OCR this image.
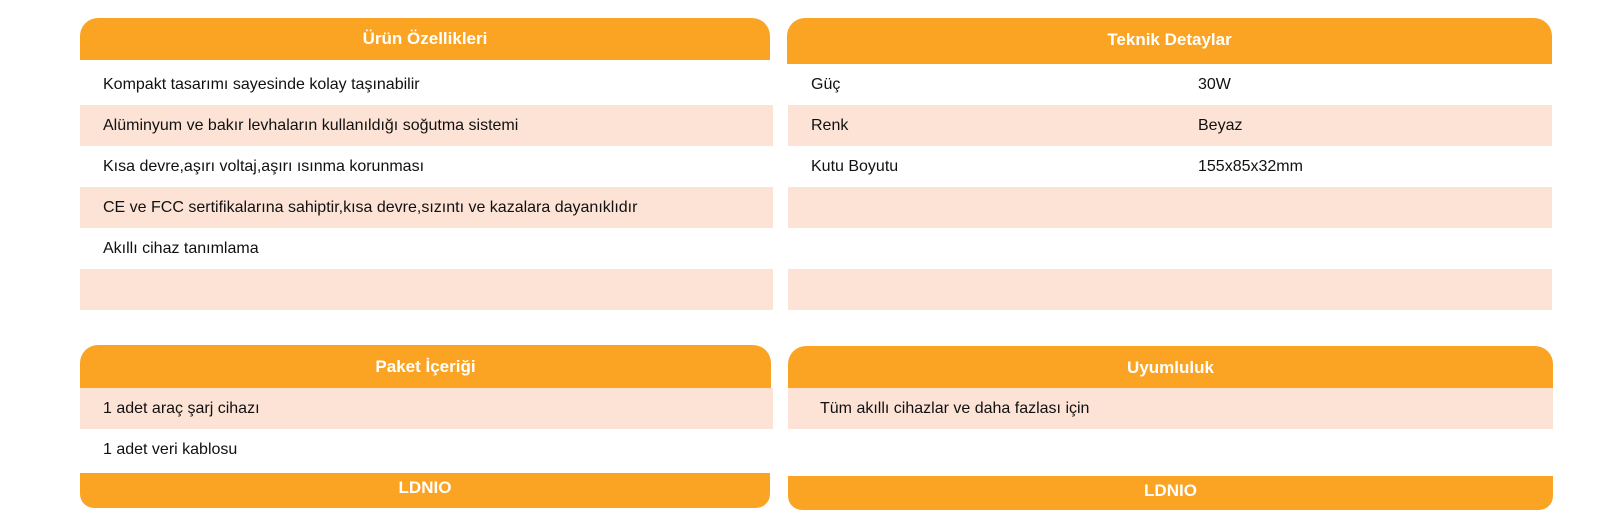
Ürün Özellikleri
Kompakt tasarımı sayesinde kolay taşınabilir
Alüminyum ve bakır levhaların kullanıldığı soğutma sistemi
Kısa devre,aşırı voltaj,aşırı ısınma korunması
CE ve FCC sertifikalarına sahiptir,kısa devre,sızıntı ve kazalara dayanıklıdır
Akıllı cihaz tanımlama
Teknik Detaylar
Güç	30W
Renk	Beyaz
Kutu Boyutu	155x85x32mm
Paket İçeriği
1 adet araç şarj cihazı
1 adet veri kablosu
LDNIO
Uyumluluk
Tüm akıllı cihazlar ve daha fazlası için
LDNIO
